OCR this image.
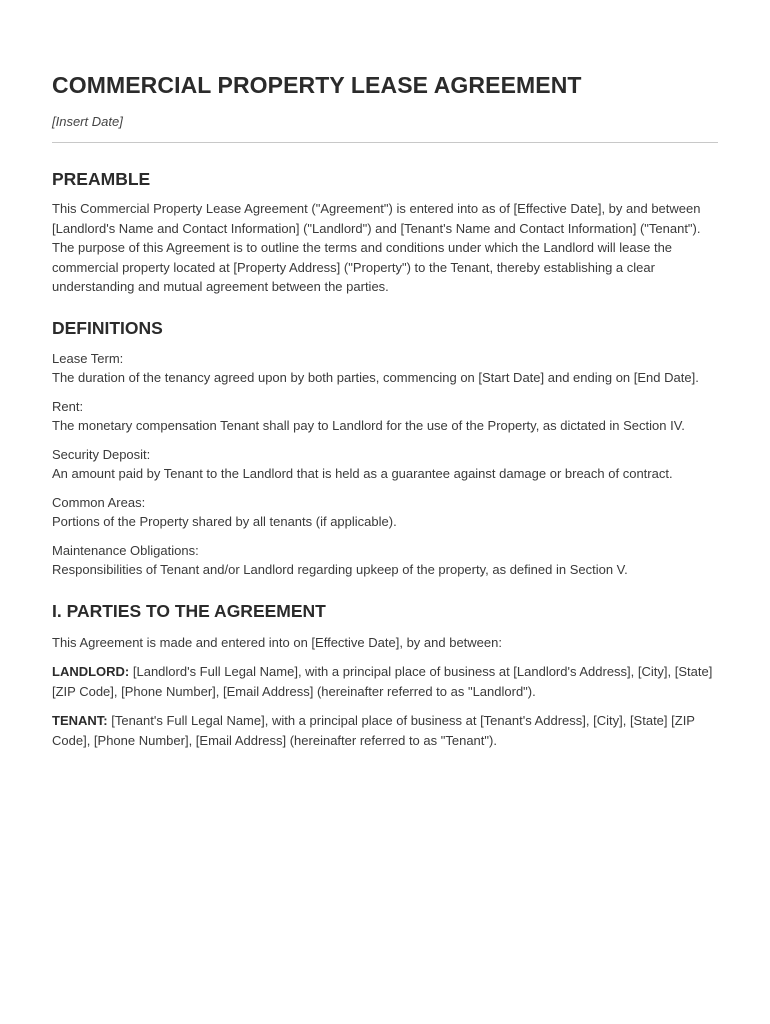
COMMERCIAL PROPERTY LEASE AGREEMENT
[Insert Date]
PREAMBLE

This Commercial Property Lease Agreement ("Agreement") is entered into as of [Effective Date], by and between [Landlord's Name and Contact Information] ("Landlord") and [Tenant's Name and Contact Information] ("Tenant"). The purpose of this Agreement is to outline the terms and conditions under which the Landlord will lease the commercial property located at [Property Address] ("Property") to the Tenant, thereby establishing a clear understanding and mutual agreement between the parties.

DEFINITIONS
Lease Term:
The duration of the tenancy agreed upon by both parties, commencing on [Start Date] and ending on [End Date].
Rent:
The monetary compensation Tenant shall pay to Landlord for the use of the Property, as dictated in Section IV.
Security Deposit:
An amount paid by Tenant to the Landlord that is held as a guarantee against damage or breach of contract.
Common Areas:
Portions of the Property shared by all tenants (if applicable).
Maintenance Obligations:
Responsibilities of Tenant and/or Landlord regarding upkeep of the property, as defined in Section V.
I. PARTIES TO THE AGREEMENT

This Agreement is made and entered into on [Effective Date], by and between:

LANDLORD: [Landlord's Full Legal Name], with a principal place of business at [Landlord's Address], [City], [State] [ZIP Code], [Phone Number], [Email Address] (hereinafter referred to as "Landlord").

TENANT: [Tenant's Full Legal Name], with a principal place of business at [Tenant's Address], [City], [State] [ZIP Code], [Phone Number], [Email Address] (hereinafter referred to as "Tenant").
